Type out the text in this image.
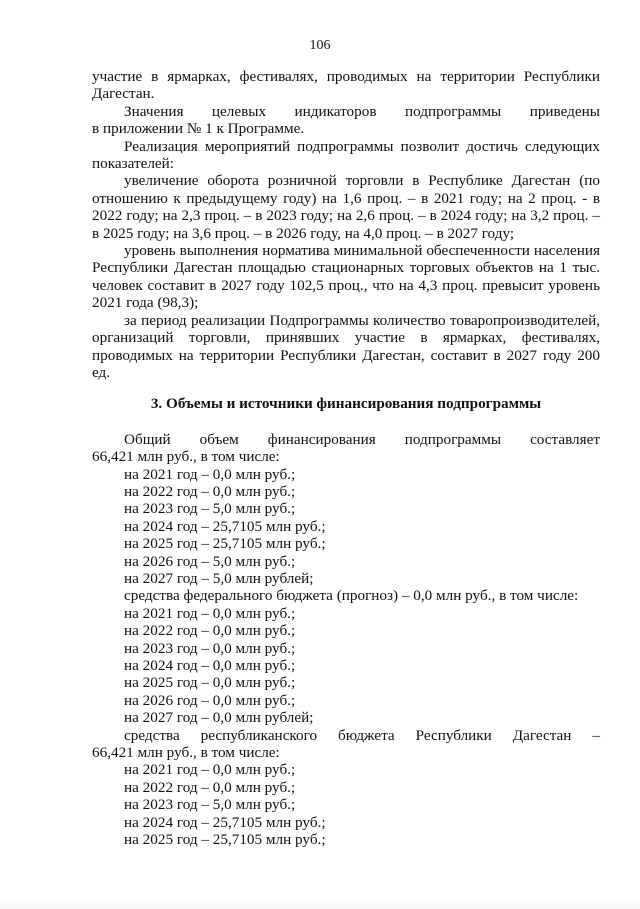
106

участие в ярмарках, фестивалях, проводимых на территории Республики Дагестан.

Значения целевых индикаторов подпрограммы приведены

в приложении № 1 к Программе.

Реализация мероприятий подпрограммы позволит достичь следующих показателей:

увеличение оборота розничной торговли в Республике Дагестан (по отношению к предыдущему году) на 1,6 проц. – в 2021 году; на 2 проц. - в 2022 году; на 2,3 проц. – в 2023 году; на 2,6 проц. – в 2024 году; на 3,2 проц. – в 2025 году; на 3,6 проц. – в 2026 году, на 4,0 проц. – в 2027 году;

уровень выполнения норматива минимальной обеспеченности населения Республики Дагестан площадью стационарных торговых объектов на 1 тыс. человек составит в 2027 году 102,5 проц., что на 4,3 проц. превысит уровень 2021 года (98,3);

за период реализации Подпрограммы количество товаропроизводителей, организаций торговли, принявших участие в ярмарках, фестивалях, проводимых на территории Республики Дагестан, составит в 2027 году 200 ед.

3. Объемы и источники финансирования подпрограммы
Общий объем финансирования подпрограммы составляет

66,421 млн руб., в том числе:

на 2021 год – 0,0 млн руб.;

на 2022 год – 0,0 млн руб.;

на 2023 год – 5,0 млн руб.;

на 2024 год – 25,7105 млн руб.;

на 2025 год – 25,7105 млн руб.;

на 2026 год – 5,0 млн руб.;

на 2027 год – 5,0 млн рублей;

средства федерального бюджета (прогноз) – 0,0 млн руб., в том числе:

на 2021 год – 0,0 млн руб.;

на 2022 год – 0,0 млн руб.;

на 2023 год – 0,0 млн руб.;

на 2024 год – 0,0 млн руб.;

на 2025 год – 0,0 млн руб.;

на 2026 год – 0,0 млн руб.;

на 2027 год – 0,0 млн рублей;

средства республиканского бюджета Республики Дагестан –

66,421 млн руб., в том числе:

на 2021 год – 0,0 млн руб.;

на 2022 год – 0,0 млн руб.;

на 2023 год – 5,0 млн руб.;

на 2024 год – 25,7105 млн руб.;

на 2025 год – 25,7105 млн руб.;
